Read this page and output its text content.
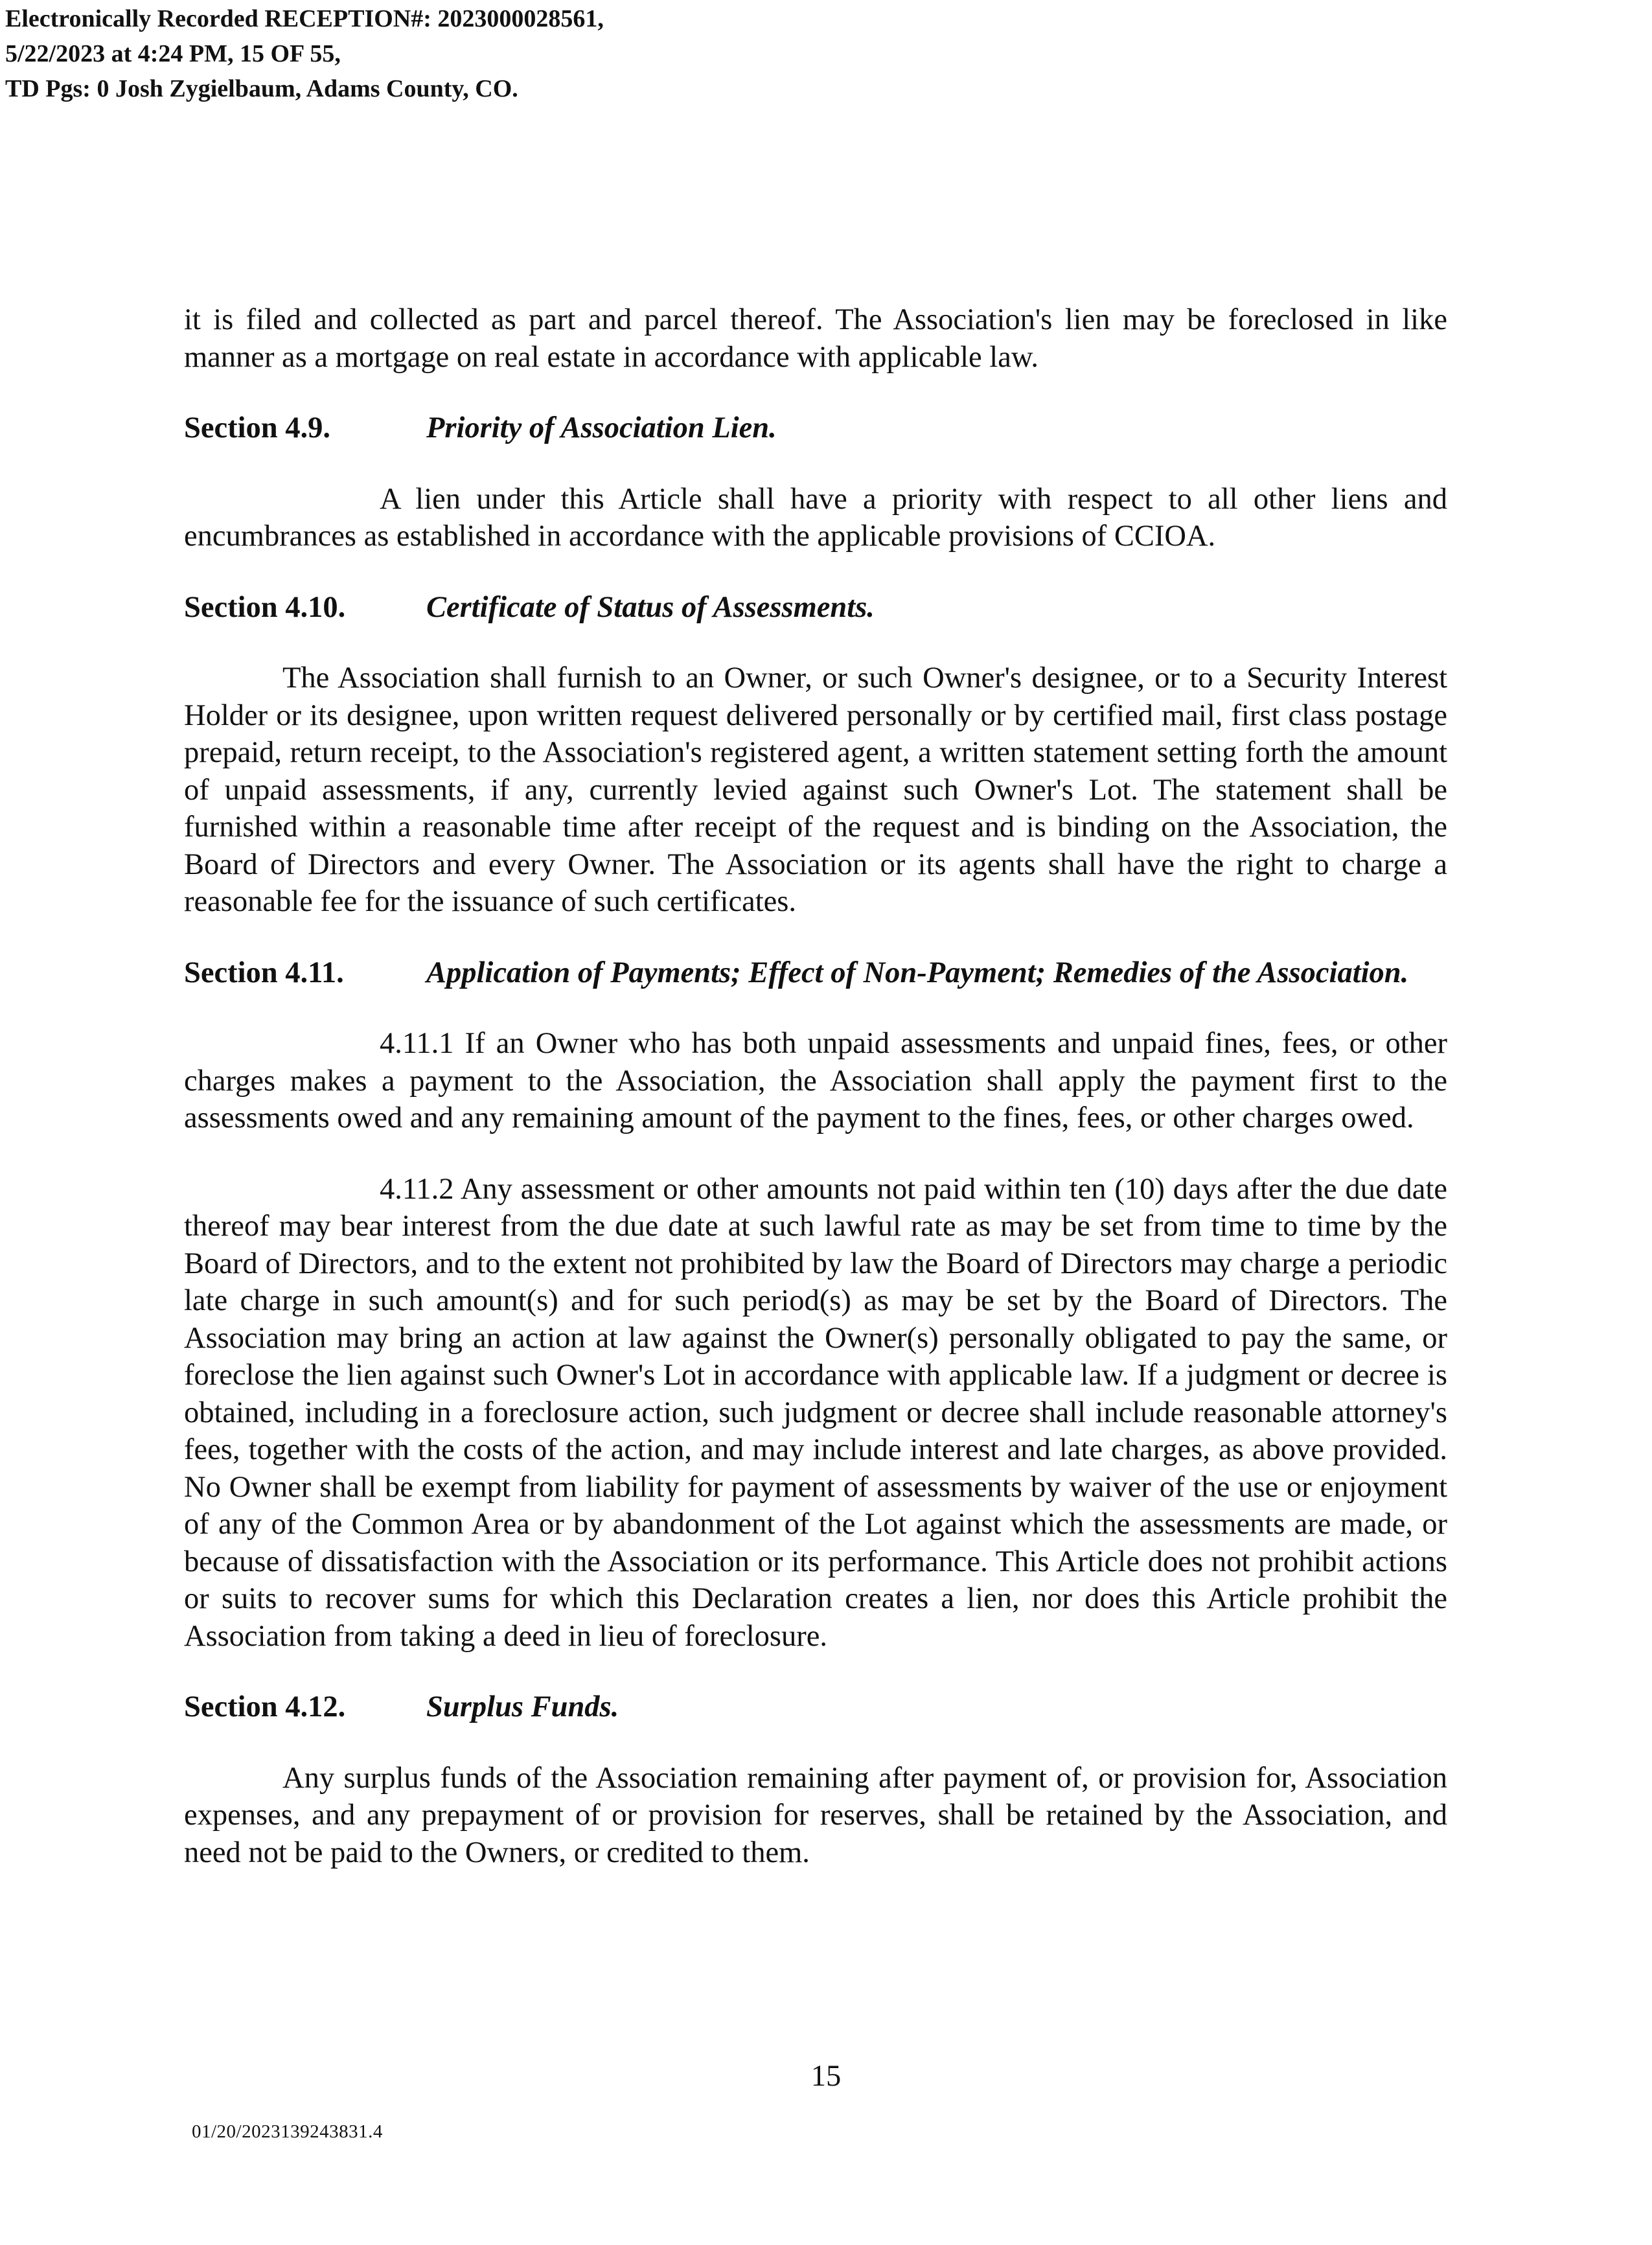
Electronically Recorded RECEPTION#: 2023000028561,
5/22/2023 at 4:24 PM, 15 OF 55,
TD Pgs: 0 Josh Zygielbaum, Adams County, CO.

it is filed and collected as part and parcel thereof. The Association's lien may be foreclosed in like manner as a mortgage on real estate in accordance with applicable law.

Section 4.9.	Priority of Association Lien.

A lien under this Article shall have a priority with respect to all other liens and encumbrances as established in accordance with the applicable provisions of CCIOA.

Section 4.10.	Certificate of Status of Assessments.

The Association shall furnish to an Owner, or such Owner's designee, or to a Security Interest Holder or its designee, upon written request delivered personally or by certified mail, first class postage prepaid, return receipt, to the Association's registered agent, a written statement setting forth the amount of unpaid assessments, if any, currently levied against such Owner's Lot. The statement shall be furnished within a reasonable time after receipt of the request and is binding on the Association, the Board of Directors and every Owner. The Association or its agents shall have the right to charge a reasonable fee for the issuance of such certificates.

Section 4.11.	Application of Payments; Effect of Non-Payment; Remedies of the Association.

4.11.1 If an Owner who has both unpaid assessments and unpaid fines, fees, or other charges makes a payment to the Association, the Association shall apply the payment first to the assessments owed and any remaining amount of the payment to the fines, fees, or other charges owed.

4.11.2 Any assessment or other amounts not paid within ten (10) days after the due date thereof may bear interest from the due date at such lawful rate as may be set from time to time by the Board of Directors, and to the extent not prohibited by law the Board of Directors may charge a periodic late charge in such amount(s) and for such period(s) as may be set by the Board of Directors. The Association may bring an action at law against the Owner(s) personally obligated to pay the same, or foreclose the lien against such Owner's Lot in accordance with applicable law. If a judgment or decree is obtained, including in a foreclosure action, such judgment or decree shall include reasonable attorney's fees, together with the costs of the action, and may include interest and late charges, as above provided. No Owner shall be exempt from liability for payment of assessments by waiver of the use or enjoyment of any of the Common Area or by abandonment of the Lot against which the assessments are made, or because of dissatisfaction with the Association or its performance. This Article does not prohibit actions or suits to recover sums for which this Declaration creates a lien, nor does this Article prohibit the Association from taking a deed in lieu of foreclosure.

Section 4.12.	Surplus Funds.

Any surplus funds of the Association remaining after payment of, or provision for, Association expenses, and any prepayment of or provision for reserves, shall be retained by the Association, and need not be paid to the Owners, or credited to them.

15
01/20/2023139243831.4
